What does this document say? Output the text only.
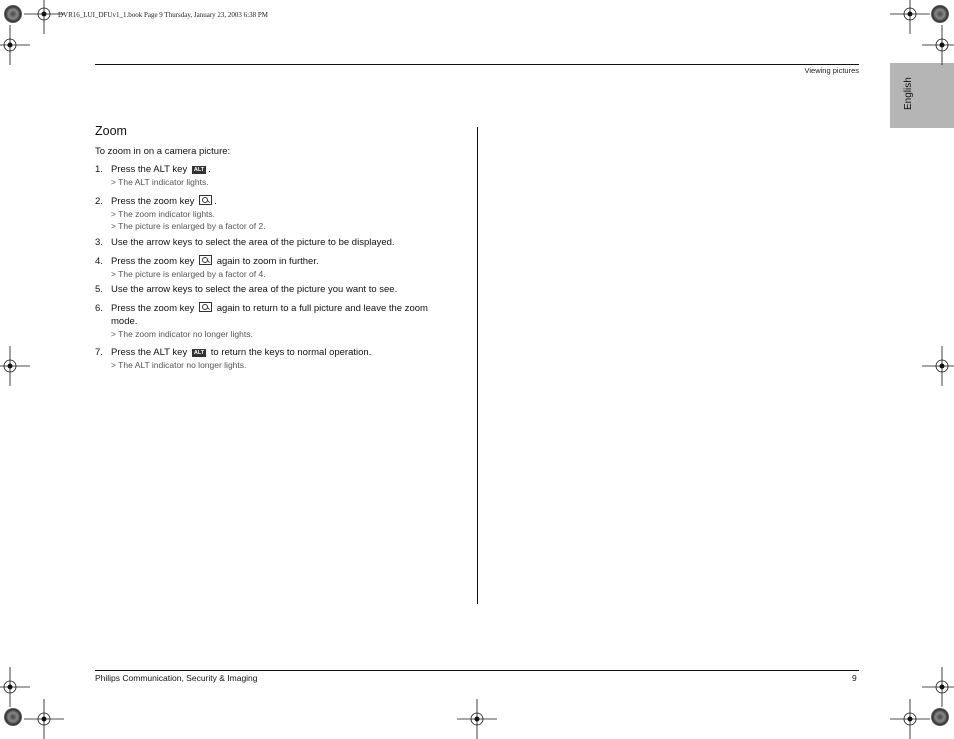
DVR16_LUI_DFUv1_1.book Page 9 Thursday, January 23, 2003 6:38 PM
Viewing pictures
English
Zoom
To zoom in on a camera picture:
1. Press the ALT key ALT .
> The ALT indicator lights.
2. Press the zoom key .
> The zoom indicator lights.
> The picture is enlarged by a factor of 2.
3. Use the arrow keys to select the area of the picture to be displayed.
4. Press the zoom key again to zoom in further.
> The picture is enlarged by a factor of 4.
5. Use the arrow keys to select the area of the picture you want to see.
6. Press the zoom key again to return to a full picture and leave the zoom mode.
> The zoom indicator no longer lights.
7. Press the ALT key ALT to return the keys to normal operation.
> The ALT indicator no longer lights.
Philips Communication, Security & Imaging	9
